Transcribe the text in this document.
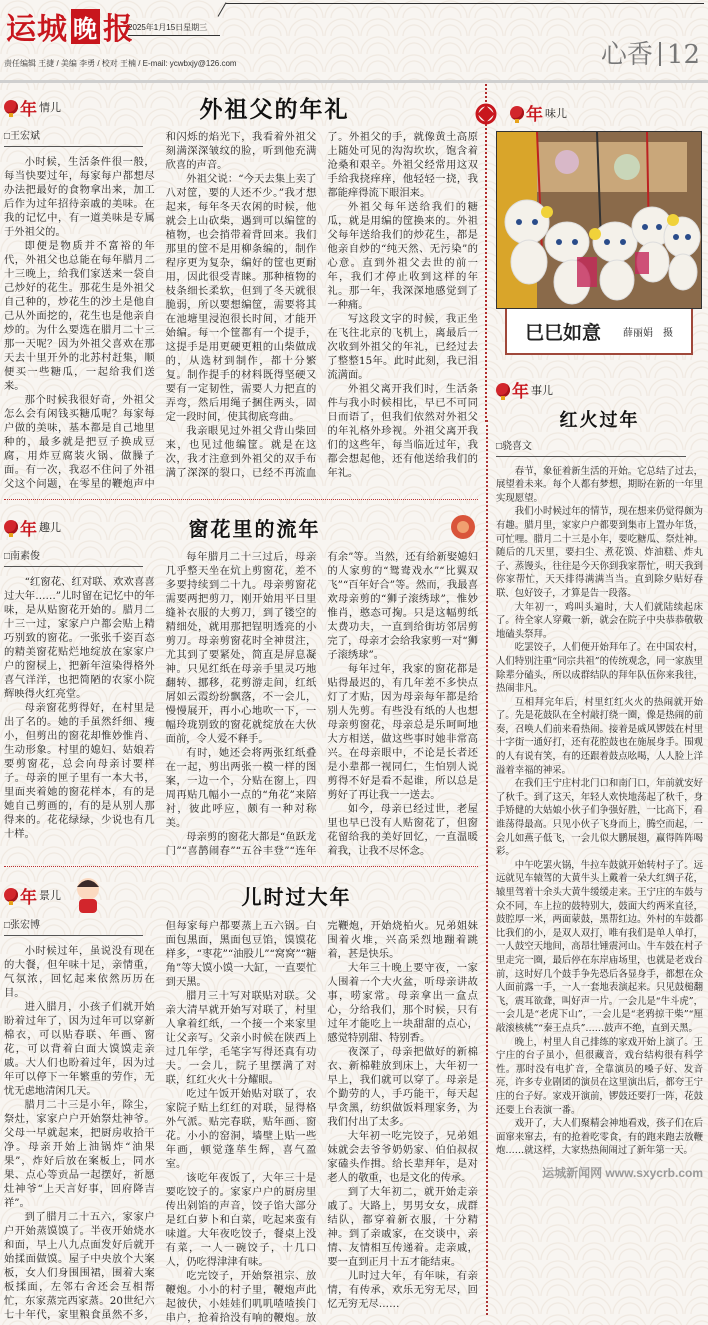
运城 晚 报
2025年1月15日星期三
责任编辑 王捷 / 美编 李勇 / 校对 王楠 / E-mail: ycwbxjy@126.com	心香 12
年 情儿	外祖父的年礼

□王宏斌

小时候，生活条件很一般，每当快要过年，每家每户都想尽办法把最好的食物拿出来，加工后作为过年招待亲戚的美味。在我的记忆中，有一道美味是专属于外祖父的。

即便是物质并不富裕的年代，外祖父也总能在每年腊月二十三晚上，给我们家送来一袋自己炒好的花生。那花生是外祖父自己种的，炒花生的沙土是他自己从外面挖的，花生也是他亲自炒的。为什么要选在腊月二十三那一天呢？因为外祖父喜欢在那天去十里开外的北苏村赶集，顺便买一些糖瓜，一起给我们送来。

那个时候我很好奇，外祖父怎么会有闲钱买糖瓜呢？每家每户做的美味，基本都是自己地里种的，最多就是把豆子换成豆腐，用炸豆腐装火锅、做臊子面。有一次，我忍不住问了外祖父这个问题，在零星的鞭炮声中和闪烁的焰光下，我看着外祖父刻满深深皱纹的脸，听到他充满欣喜的声音。

外祖父说：“今天去集上卖了八对筐，要的人还不少。”我才想起来，每年冬天农闲的时候，他就会上山砍柴，遇到可以编筐的植物，也会捎带着背回来。我们那里的筐不是用柳条编的，制作程序更为复杂，编好的筐也更耐用，因此很受青睐。那种植物的枝条细长柔软，但到了冬天就很脆弱，所以要想编筐，需要将其在池塘里浸泡很长时间，才能开始编。每一个筐都有一个提手，这提手是用更硬更粗的山柴做成的，从选材到制作，都十分繁复。制作提手的材料既得坚硬又要有一定韧性，需要人力把直的弄弯，然后用绳子捆住两头，固定一段时间，使其彻底弯曲。

我亲眼见过外祖父背山柴回来，也见过他编筐。就是在这次，我才注意到外祖父的双手布满了深深的裂口，已经不再流血了。外祖父的手，就像黄土高原上随处可见的沟沟坎坎，饱含着沧桑和艰辛。外祖父经常用这双手给我挠痒痒，他轻轻一挠，我都能痒得流下眼泪来。

外祖父每年送给我们的糖瓜，就是用编的筐换来的。外祖父每年送给我们的炒花生，都是他亲自炒的“纯天然、无污染”的心意。直到外祖父去世的前一年，我们才停止收到这样的年礼。那一年，我深深地感觉到了一种痛。

写这段文字的时候，我正坐在飞往北京的飞机上，离最后一次收到外祖父的年礼，已经过去了整整15年。此时此刻，我已泪流满面。

外祖父离开我们时，生活条件与我小时候相比，早已不可同日而语了，但我们依然对外祖父的年礼格外珍视。外祖父离开我们的这些年，每当临近过年，我都会想起他，还有他送给我们的年礼。

年 趣儿	窗花里的流年

□南素俊

“红窗花、红对联、欢欢喜喜过大年……”儿时留在记忆中的年味，是从贴窗花开始的。腊月二十三一过，家家户户都会贴上精巧别致的窗花。一张张千姿百态的精美窗花贴烂地绽放在家家户户的窗棂上，把新年渲染得格外喜气洋洋，也把简陋的农家小院辉映得火红亮堂。

母亲窗花剪得好，在村里是出了名的。她的手虽然纤细、瘦小，但剪出的窗花却惟妙惟肖、生动形象。村里的媳妇、姑娘若要剪窗花，总会向母亲讨要样子。母亲的匣子里有一本大书，里面夹着她的窗花样本，有的是她自己剪画的，有的是从别人那得来的。花花绿绿，少说也有几十样。

每年腊月二十三过后，母亲几乎整天坐在炕上剪窗花，差不多要持续到二十九。母亲剪窗花需要两把剪刀，刚开始用平日里缝补衣服的大剪刀，到了镂空的精细处，就用那把锃明透亮的小剪刀。母亲剪窗花时全神贯注，尤其到了要紧处，简直是屏息凝神。只见红纸在母亲手里灵巧地翻转、挪移，花剪游走间，红纸屑如云霞纷纷飘落，不一会儿，慢慢展开，再小心地吹一下，一幅玲珑别致的窗花就绽放在大伙面前，令人爱不释手。

有时，她还会将两张红纸叠在一起，剪出两张一模一样的图案，一边一个，分贴在窗上，四周再贴几幅小一点的“角花”来陪衬，彼此呼应，颇有一种对称美。

母亲剪的窗花大都是“鱼跃龙门”“喜鹊闹春”“五谷丰登”“连年有余”等。当然，还有给新娶媳妇的人家剪的“鸳鸯戏水”“比翼双飞”“百年好合”等。然而，我最喜欢母亲剪的“狮子滚绣球”，惟妙惟肖，憨态可掬。只是这幅剪纸太费功夫，一直到给街坊邻居剪完了，母亲才会给我家剪一对“狮子滚绣球”。

每年过年，我家的窗花都是贴得最迟的，有几年差不多快点灯了才贴，因为母亲每年都是给别人先剪。有些没有纸的人也想母亲剪窗花，母亲总是乐呵呵地大方相送，做这些事时她非常高兴。在母亲眼中，不论是长者还是小辈都一视同仁，生怕别人说剪得不好是看不起谁，所以总是剪好了再让我一一送去。

如今，母亲已经过世，老屋里也早已没有人贴窗花了，但窗花留给我的美好回忆，一直温暖着我，让我不尽怀念。

年 景儿	儿时过大年

□张宏博

小时候过年，虽说没有现在的大餐，但年味十足，亲情重，气氛浓，回忆起来依然历历在目。

进入腊月，小孩子们就开始盼着过年了，因为过年可以穿新棉衣，可以贴春联、年画、窗花，可以背着白面大馍馍走亲戚。大人们也盼着过年，因为过年可以停下一年繁重的劳作，无忧无虑地清闲几天。

腊月二十三是小年，除尘，祭灶，家家户户开始祭灶神爷。父母一早就起来，把厨房收拾干净。母亲开始上油锅炸“油果果”，炸好后放在案板上，同水果、点心等贡品一起摆好，祈愿灶神爷“上天言好事，回府降吉祥”。

到了腊月二十五六，家家户户开始蒸馍馍了。半夜开始烧水和面，早上八九点面发好后就开始揉面做馍。屋子中央放个大案板，女人们身围围裙，围着大案板揉面，左邻右舍还会互相帮忙，东家蒸完西家蒸。20世纪六七十年代，家里粮食虽然不多，但每家每户都要蒸上五六锅。白面包黑面，黑面包豆馅，馍馍花样多，“枣花”“油股儿”“窝窝”“糖角”等大馍小馍一大缸，一直要忙到天黑。

腊月三十写对联贴对联。父亲大清早就开始写对联了，村里人拿着红纸，一个接一个来家里让父亲写。父亲小时候在陕西上过几年学，毛笔字写得还真有功夫。一会儿，院子里摆满了对联，红红火火十分耀眼。

吃过午饭开始贴对联了，农家院子贴上红红的对联，显得格外气派。贴完春联，贴年画、窗花。小小的窑洞，墙壁上贴一些年画，顿觉蓬荜生辉，喜气盈室。

该吃年夜饭了，大年三十是要吃饺子的。家家户户的厨房里传出剁馅的声音，饺子馅大部分是红白萝卜和白菜，吃起来蛮有味道。大年夜吃饺子，餐桌上没有菜，一人一碗饺子，十几口人，仍吃得津津有味。

吃完饺子，开始祭祖宗、放鞭炮。小小的村子里，鞭炮声此起彼伏，小娃娃们叽叽喳喳挨门串户，抢着拾没有响的鞭炮。放完鞭炮，开始烧柏火。兄弟姐妹围着火堆，兴高采烈地蹦着跳着，甚是快乐。

大年三十晚上要守夜，一家人围着一个大火盆，听母亲讲故事，唠家常。母亲拿出一盒点心，分给我们，那个时候，只有过年才能吃上一块甜甜的点心，感觉特别甜、特别香。

夜深了，母亲把做好的新棉衣、新棉鞋放到床上，大年初一早上，我们就可以穿了。母亲是个勤劳的人，手巧能干，每天起早贪黑，纺织做饭料理家务，为我们付出了太多。

大年初一吃完饺子，兄弟姐妹就会去爷爷奶奶家、伯伯叔叔家磕头作揖。给长辈拜年，是对老人的敬重，也是文化的传承。

到了大年初二，就开始走亲戚了。大路上，男男女女，成群结队，都穿着新衣服，十分精神。到了亲戚家，在交谈中，亲情、友情相互传递着。走亲戚，要一直到正月十五才能结束。

儿时过大年，有年味，有亲情，有传承，欢乐无穷无尽，回忆无穷无尽……

年 味儿
巳巳如意 薛丽娟　摄
年 事儿
红火过年

□骁喜文

春节，象征着新生活的开始。它总结了过去，展望着未来。每个人都有梦想，期盼在新的一年里实现愿望。

我们小时候过年的情节，现在想来仍觉得颇为有趣。腊月里，家家户户都要到集市上置办年货，可忙哩。腊月二十三是小年，要吃糖瓜、祭灶神。随后的几天里，要扫尘、煮花馍、炸油糕、炸丸子、蒸馒头，往往是今天你到我家帮忙，明天我到你家帮忙，天天排得满满当当。直到除夕贴好春联、包好饺子，才算是告一段落。

大年初一，鸡叫头遍时，大人们就陆续起床了。待全家人穿戴一新，就会在院子中央恭恭敬敬地磕头祭拜。

吃罢饺子，人们便开始拜年了。在中国农村，人们特别注重“同宗共祖”的传统观念，同一家族里除辈分磕头，所以成群结队的拜年队伍你来我往，热闹非凡。

互相拜完年后，村里红红火火的热闹就开始了。先是花鼓队在全村敲打绕一圈，像是热闹的前奏，召唤人们前来看热闹。接着是威风锣鼓在村里十字街一通好打，还有花腔鼓也在施展身手。围观的人有说有笑，有的还跟着鼓点吆喝，人人脸上洋溢着幸福的神采。

在我们王宁庄村北门口和南门口，年前就安好了秋千。到了这天，年轻人欢快地荡起了秋千，身手矫健的大姑娘小伙子们争强好胜，一比高下，看谁荡得最高。只见小伙子飞身而上，腾空而起，一会儿如燕子低飞，一会儿似大鹏展翅，赢得阵阵喝彩。

中午吃罢火锅，牛拉车鼓就开始转村子了。远远就见车辕驾的大黄牛头上戴着一朵大红绸子花，辕里驾着十余头大黄牛缓缓走来。王宁庄的车鼓与众不同，车上拉的鼓特别大，鼓面大约两米直径，鼓腔厚一米，两面蒙鼓，黑帮红边。外村的车鼓都比我们的小，是双人双打，唯有我们是单人单打，一人鼓空天地间，高昂壮锤震河山。牛车鼓在村子里走完一圈，最后停在东岸庙场里，也就是老戏台前，这时好几个鼓手争先恐后各显身手，都想在众人面前露一手，一人一套地表演起来。只见鼓槌翻飞，震耳欲聋，叫好声一片。一会儿是“牛斗虎”，一会儿是“老虎下山”，一会儿是“老鸦掠干柴”“厘敲滚核桃”“秦王点兵”……鼓声不绝，直到天黑。

晚上，村里人自己排练的家戏开始上演了。王宁庄的台子虽小，但很藏音，戏台结构很有科学性。那时没有电扩音，全靠演员的嗓子好、发音亮，许多专业剧团的演员在这里演出后，都夸王宁庄的台子好。家戏开演前，锣鼓还要打一阵，花鼓还要上台表演一番。

戏开了，大人们聚精会神地看戏，孩子们在后面窜来窜去，有的抢着吃零食，有的跑来跑去放鞭炮……就这样，大家热热闹闹过了新年第一天。

运城新闻网 www.sxycrb.com
